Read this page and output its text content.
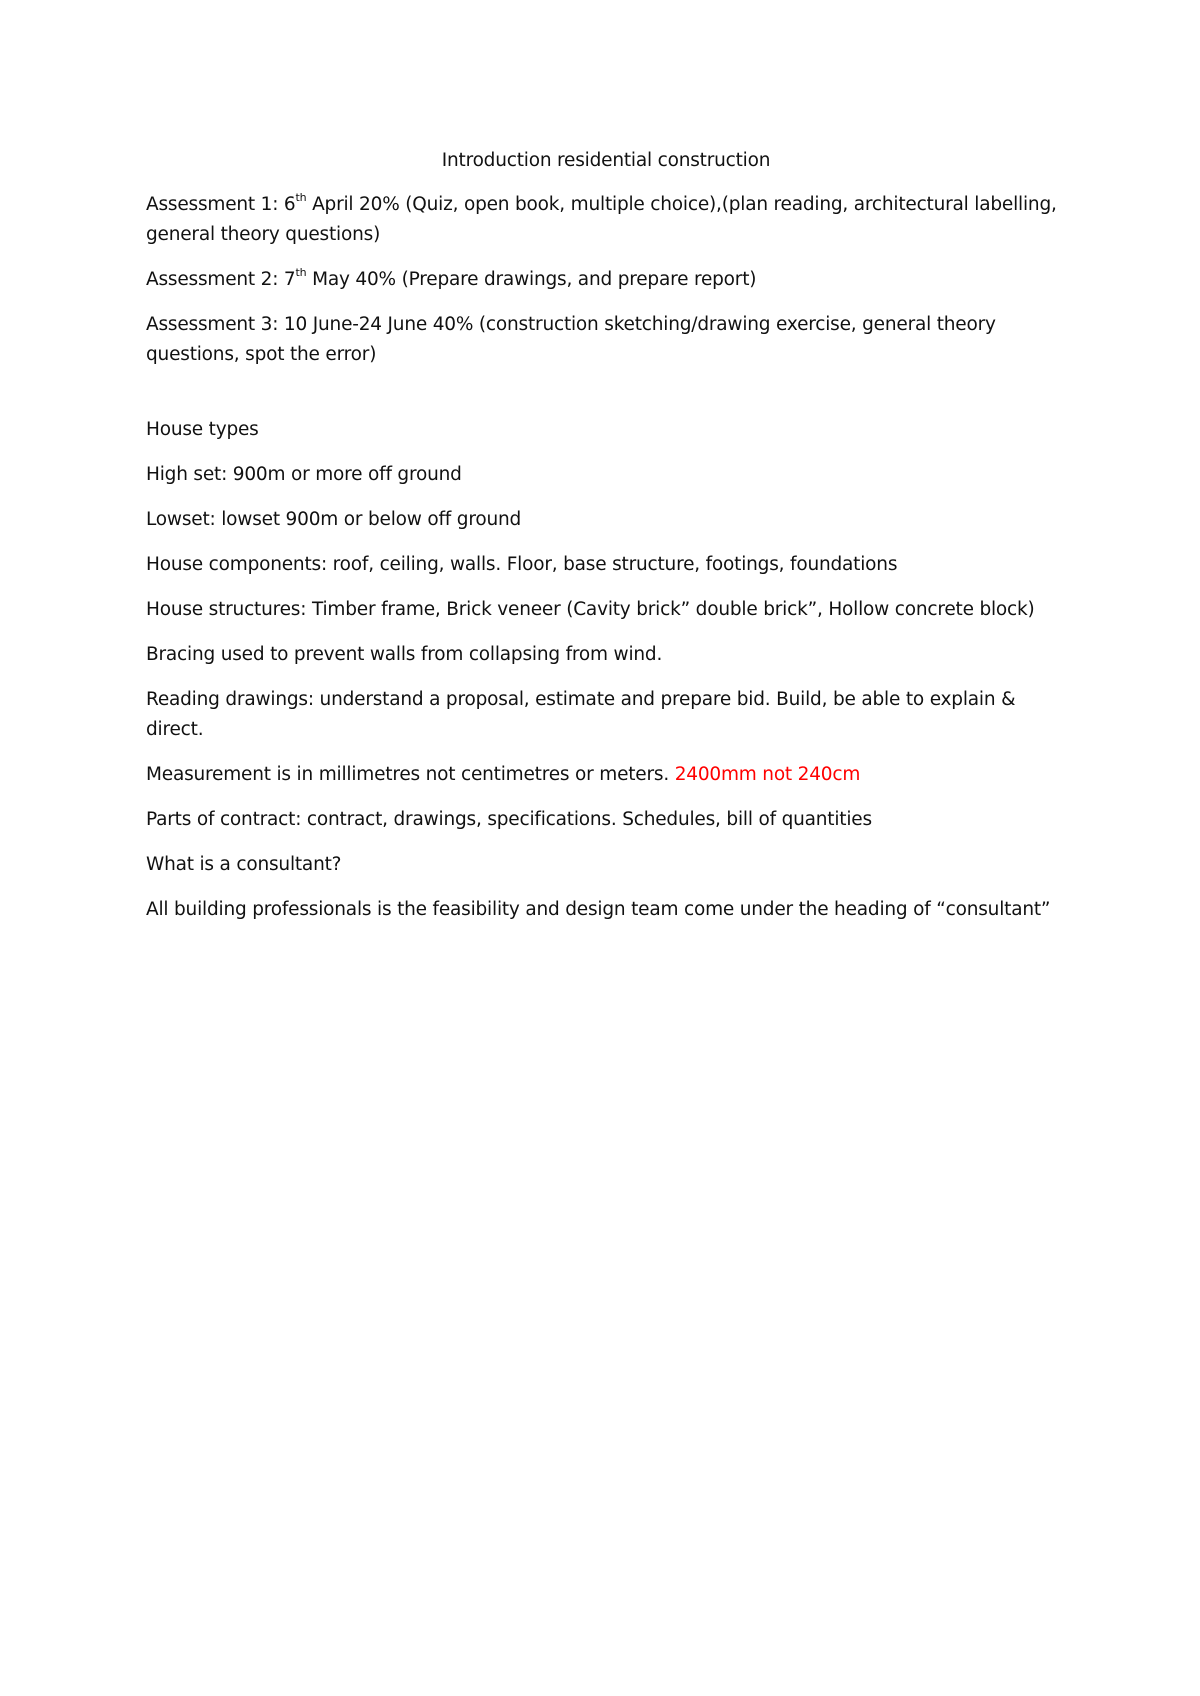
Introduction residential construction

Assessment 1: 6th April 20% (Quiz, open book, multiple choice),(plan reading, architectural labelling, general theory questions)

Assessment 2: 7th May 40% (Prepare drawings, and prepare report)

Assessment 3: 10 June-24 June 40% (construction sketching/drawing exercise, general theory questions, spot the error)

House types

High set: 900m or more off ground

Lowset: lowset 900m or below off ground

House components: roof, ceiling, walls. Floor, base structure, footings, foundations

House structures: Timber frame, Brick veneer (Cavity brick” double brick”, Hollow concrete block)

Bracing used to prevent walls from collapsing from wind.

Reading drawings: understand a proposal, estimate and prepare bid. Build, be able to explain & direct.

Measurement is in millimetres not centimetres or meters. 2400mm not 240cm

Parts of contract: contract, drawings, specifications. Schedules, bill of quantities

What is a consultant?

All building professionals is the feasibility and design team come under the heading of “consultant”
